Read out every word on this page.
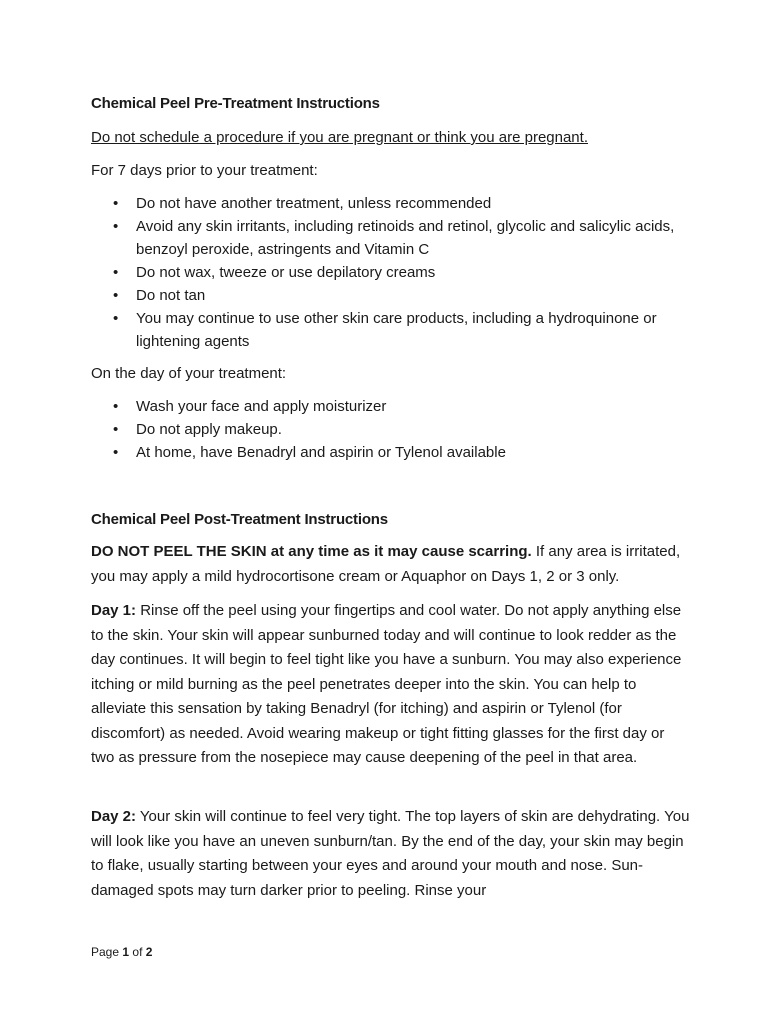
Chemical Peel Pre-Treatment Instructions
Do not schedule a procedure if you are pregnant or think you are pregnant.
For 7 days prior to your treatment:
• Do not have another treatment, unless recommended
• Avoid any skin irritants, including retinoids and retinol, glycolic and salicylic acids, benzoyl peroxide, astringents and Vitamin C
• Do not wax, tweeze or use depilatory creams
• Do not tan
• You may continue to use other skin care products, including a hydroquinone or lightening agents
On the day of your treatment:
• Wash your face and apply moisturizer
• Do not apply makeup.
• At home, have Benadryl and aspirin or Tylenol available
Chemical Peel Post-Treatment Instructions
DO NOT PEEL THE SKIN at any time as it may cause scarring. If any area is irritated, you may apply a mild hydrocortisone cream or Aquaphor on Days 1, 2 or 3 only.
Day 1: Rinse off the peel using your fingertips and cool water. Do not apply anything else to the skin. Your skin will appear sunburned today and will continue to look redder as the day continues. It will begin to feel tight like you have a sunburn. You may also experience itching or mild burning as the peel penetrates deeper into the skin. You can help to alleviate this sensation by taking Benadryl (for itching) and aspirin or Tylenol (for discomfort) as needed. Avoid wearing makeup or tight fitting glasses for the first day or two as pressure from the nosepiece may cause deepening of the peel in that area.
Day 2: Your skin will continue to feel very tight. The top layers of skin are dehydrating. You will look like you have an uneven sunburn/tan. By the end of the day, your skin may begin to flake, usually starting between your eyes and around your mouth and nose. Sun-damaged spots may turn darker prior to peeling. Rinse your
Page 1 of 2
